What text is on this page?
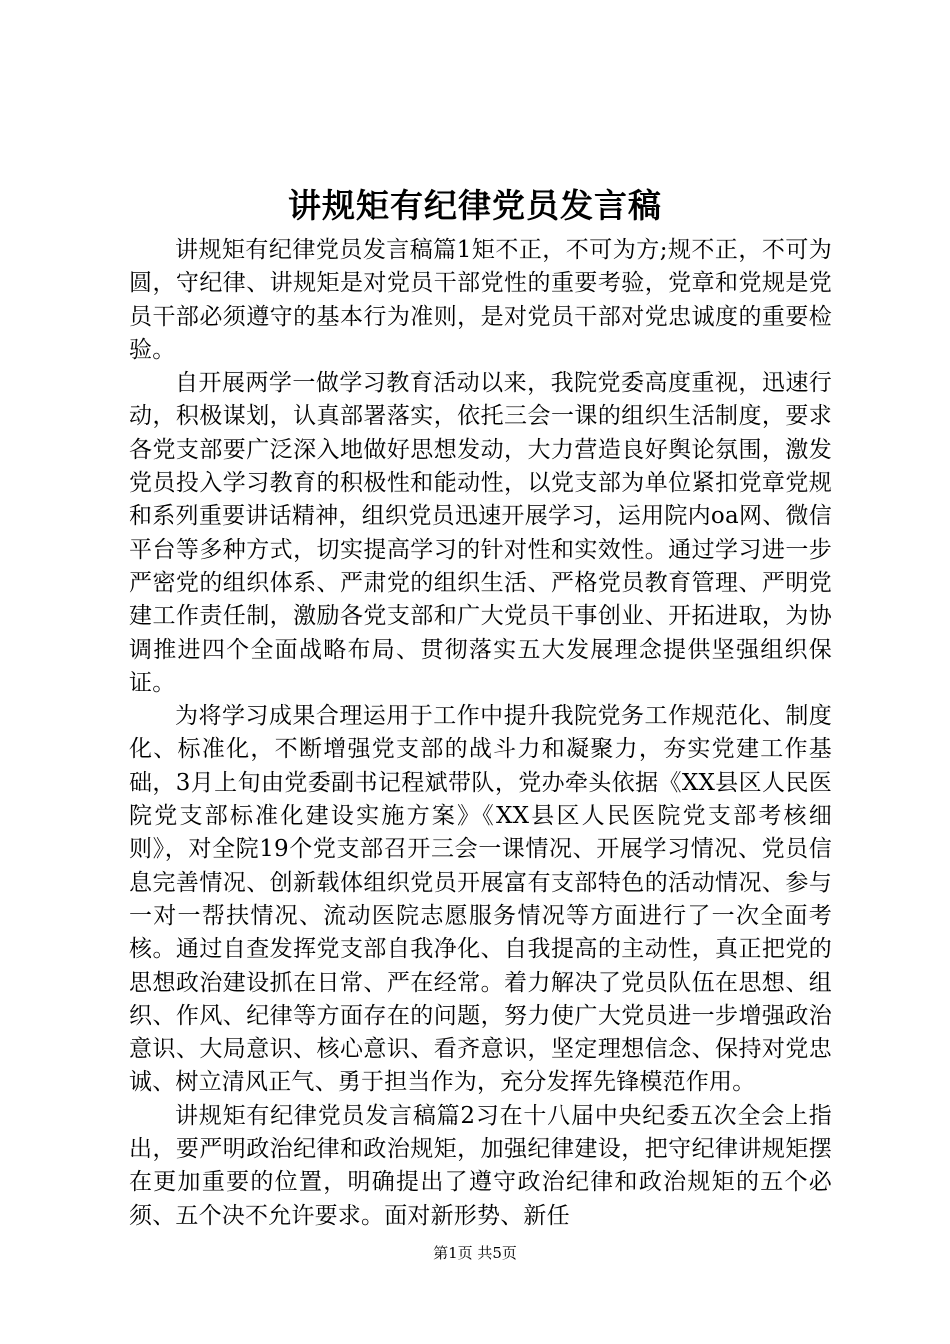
讲规矩有纪律党员发言稿

讲规矩有纪律党员发言稿篇1矩不正，不可为方;规不正，不可为圆，守纪律、讲规矩是对党员干部党性的重要考验，党章和党规是党员干部必须遵守的基本行为准则，是对党员干部对党忠诚度的重要检验。

自开展两学一做学习教育活动以来，我院党委高度重视，迅速行动，积极谋划，认真部署落实，依托三会一课的组织生活制度，要求各党支部要广泛深入地做好思想发动，大力营造良好舆论氛围，激发党员投入学习教育的积极性和能动性，以党支部为单位紧扣党章党规和系列重要讲话精神，组织党员迅速开展学习，运用院内oa网、微信平台等多种方式，切实提高学习的针对性和实效性。通过学习进一步严密党的组织体系、严肃党的组织生活、严格党员教育管理、严明党建工作责任制，激励各党支部和广大党员干事创业、开拓进取，为协调推进四个全面战略布局、贯彻落实五大发展理念提供坚强组织保证。

为将学习成果合理运用于工作中提升我院党务工作规范化、制度化、标准化，不断增强党支部的战斗力和凝聚力，夯实党建工作基础，3月上旬由党委副书记程斌带队，党办牵头依据《XX县区人民医院党支部标准化建设实施方案》《XX县区人民医院党支部考核细则》，对全院19个党支部召开三会一课情况、开展学习情况、党员信息完善情况、创新载体组织党员开展富有支部特色的活动情况、参与一对一帮扶情况、流动医院志愿服务情况等方面进行了一次全面考核。通过自查发挥党支部自我净化、自我提高的主动性，真正把党的思想政治建设抓在日常、严在经常。着力解决了党员队伍在思想、组织、作风、纪律等方面存在的问题，努力使广大党员进一步增强政治意识、大局意识、核心意识、看齐意识，坚定理想信念、保持对党忠诚、树立清风正气、勇于担当作为，充分发挥先锋模范作用。

讲规矩有纪律党员发言稿篇2习在十八届中央纪委五次全会上指出，要严明政治纪律和政治规矩，加强纪律建设，把守纪律讲规矩摆在更加重要的位置，明确提出了遵守政治纪律和政治规矩的五个必须、五个决不允许要求。面对新形势、新任

第1页 共5页
